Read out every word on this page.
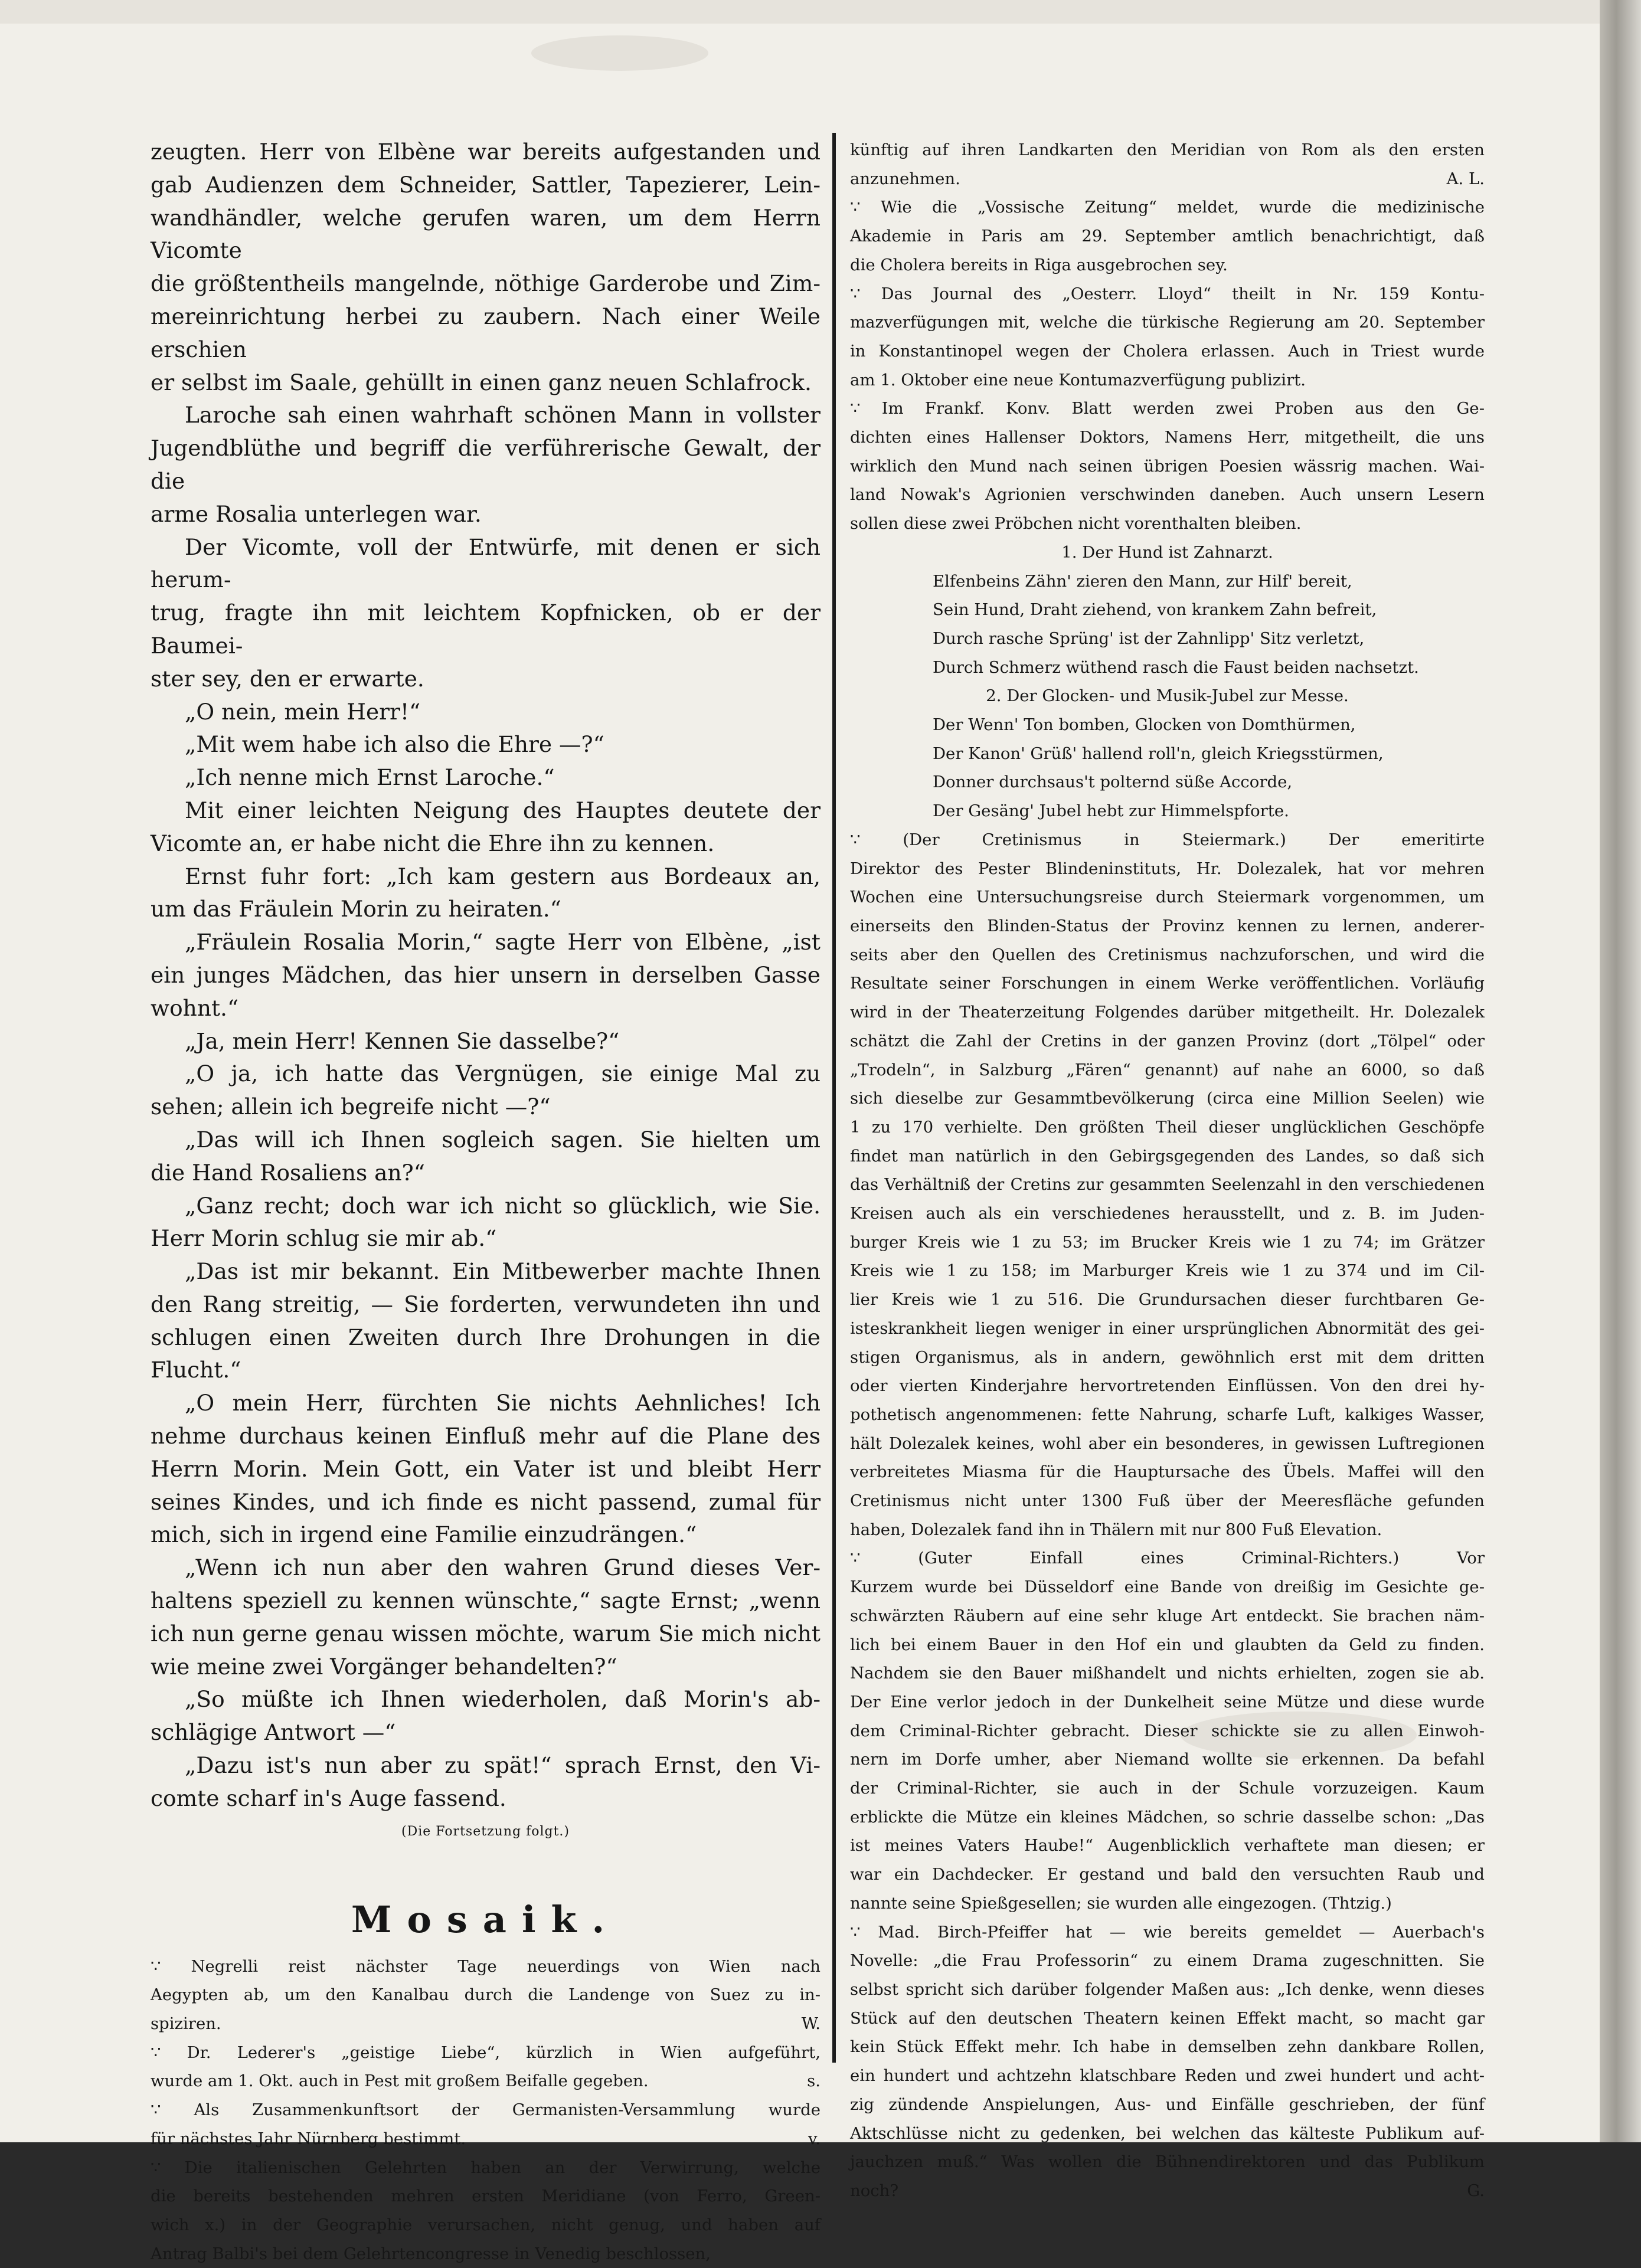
zeugten. Herr von Elbène war bereits aufgestanden und

gab Audienzen dem Schneider, Sattler, Tapezierer, Lein-

wandhändler, welche gerufen waren, um dem Herrn Vicomte

die größtentheils mangelnde, nöthige Garderobe und Zim-

mereinrichtung herbei zu zaubern. Nach einer Weile erschien

er selbst im Saale, gehüllt in einen ganz neuen Schlafrock.

Laroche sah einen wahrhaft schönen Mann in vollster

Jugendblüthe und begriff die verführerische Gewalt, der die

arme Rosalia unterlegen war.

Der Vicomte, voll der Entwürfe, mit denen er sich herum-

trug, fragte ihn mit leichtem Kopfnicken, ob er der Baumei-

ster sey, den er erwarte.

„O nein, mein Herr!“

„Mit wem habe ich also die Ehre —?“

„Ich nenne mich Ernst Laroche.“

Mit einer leichten Neigung des Hauptes deutete der

Vicomte an, er habe nicht die Ehre ihn zu kennen.

Ernst fuhr fort: „Ich kam gestern aus Bordeaux an,

um das Fräulein Morin zu heiraten.“

„Fräulein Rosalia Morin,“ sagte Herr von Elbène, „ist

ein junges Mädchen, das hier unsern in derselben Gasse wohnt.“

„Ja, mein Herr! Kennen Sie dasselbe?“

„O ja, ich hatte das Vergnügen, sie einige Mal zu

sehen; allein ich begreife nicht —?“

„Das will ich Ihnen sogleich sagen. Sie hielten um

die Hand Rosaliens an?“

„Ganz recht; doch war ich nicht so glücklich, wie Sie.

Herr Morin schlug sie mir ab.“

„Das ist mir bekannt. Ein Mitbewerber machte Ihnen

den Rang streitig, — Sie forderten, verwundeten ihn und

schlugen einen Zweiten durch Ihre Drohungen in die Flucht.“

„O mein Herr, fürchten Sie nichts Aehnliches! Ich

nehme durchaus keinen Einfluß mehr auf die Plane des

Herrn Morin. Mein Gott, ein Vater ist und bleibt Herr

seines Kindes, und ich finde es nicht passend, zumal für

mich, sich in irgend eine Familie einzudrängen.“

„Wenn ich nun aber den wahren Grund dieses Ver-

haltens speziell zu kennen wünschte,“ sagte Ernst; „wenn

ich nun gerne genau wissen möchte, warum Sie mich nicht

wie meine zwei Vorgänger behandelten?“

„So müßte ich Ihnen wiederholen, daß Morin's ab-

schlägige Antwort —“

„Dazu ist's nun aber zu spät!“ sprach Ernst, den Vi-

comte scharf in's Auge fassend.

(Die Fortsetzung folgt.)

Mosaik.

∵ Negrelli reist nächster Tage neuerdings von Wien nach

Aegypten ab, um den Kanalbau durch die Landenge von Suez zu in-

spiziren.	W.

∵ Dr. Lederer's „geistige Liebe“, kürzlich in Wien aufgeführt,

wurde am 1. Okt. auch in Pest mit großem Beifalle gegeben.	s.

∵ Als Zusammenkunftsort der Germanisten-Versammlung wurde

für nächstes Jahr Nürnberg bestimmt.	v.

∵ Die italienischen Gelehrten haben an der Verwirrung, welche

die bereits bestehenden mehren ersten Meridiane (von Ferro, Green-

wich x.) in der Geographie verursachen, nicht genug, und haben auf

Antrag Balbi's bei dem Gelehrtencongresse in Venedig beschlossen,

künftig auf ihren Landkarten den Meridian von Rom als den ersten

anzunehmen.	A. L.

∵ Wie die „Vossische Zeitung“ meldet, wurde die medizinische

Akademie in Paris am 29. September amtlich benachrichtigt, daß

die Cholera bereits in Riga ausgebrochen sey.

∵ Das Journal des „Oesterr. Lloyd“ theilt in Nr. 159 Kontu-

mazverfügungen mit, welche die türkische Regierung am 20. September

in Konstantinopel wegen der Cholera erlassen. Auch in Triest wurde

am 1. Oktober eine neue Kontumazverfügung publizirt.

∵ Im Frankf. Konv. Blatt werden zwei Proben aus den Ge-

dichten eines Hallenser Doktors, Namens Herr, mitgetheilt, die uns

wirklich den Mund nach seinen übrigen Poesien wässrig machen. Wai-

land Nowak's Agrionien verschwinden daneben. Auch unsern Lesern

sollen diese zwei Pröbchen nicht vorenthalten bleiben.

1. Der Hund ist Zahnarzt.

Elfenbeins Zähn' zieren den Mann, zur Hilf' bereit,

Sein Hund, Draht ziehend, von krankem Zahn befreit,

Durch rasche Sprüng' ist der Zahnlipp' Sitz verletzt,

Durch Schmerz wüthend rasch die Faust beiden nachsetzt.

2. Der Glocken- und Musik-Jubel zur Messe.

Der Wenn' Ton bomben, Glocken von Domthürmen,

Der Kanon' Grüß' hallend roll'n, gleich Kriegsstürmen,

Donner durchsaus't polternd süße Accorde,

Der Gesäng' Jubel hebt zur Himmelspforte.

∵ (Der Cretinismus in Steiermark.) Der emeritirte

Direktor des Pester Blindeninstituts, Hr. Dolezalek, hat vor mehren

Wochen eine Untersuchungsreise durch Steiermark vorgenommen, um

einerseits den Blinden-Status der Provinz kennen zu lernen, anderer-

seits aber den Quellen des Cretinismus nachzuforschen, und wird die

Resultate seiner Forschungen in einem Werke veröffentlichen. Vorläufig

wird in der Theaterzeitung Folgendes darüber mitgetheilt. Hr. Dolezalek

schätzt die Zahl der Cretins in der ganzen Provinz (dort „Tölpel“ oder

„Trodeln“, in Salzburg „Fären“ genannt) auf nahe an 6000, so daß

sich dieselbe zur Gesammtbevölkerung (circa eine Million Seelen) wie

1 zu 170 verhielte. Den größten Theil dieser unglücklichen Geschöpfe

findet man natürlich in den Gebirgsgegenden des Landes, so daß sich

das Verhältniß der Cretins zur gesammten Seelenzahl in den verschiedenen

Kreisen auch als ein verschiedenes herausstellt, und z. B. im Juden-

burger Kreis wie 1 zu 53; im Brucker Kreis wie 1 zu 74; im Grätzer

Kreis wie 1 zu 158; im Marburger Kreis wie 1 zu 374 und im Cil-

lier Kreis wie 1 zu 516. Die Grundursachen dieser furchtbaren Ge-

isteskrankheit liegen weniger in einer ursprünglichen Abnormität des gei-

stigen Organismus, als in andern, gewöhnlich erst mit dem dritten

oder vierten Kinderjahre hervortretenden Einflüssen. Von den drei hy-

pothetisch angenommenen: fette Nahrung, scharfe Luft, kalkiges Wasser,

hält Dolezalek keines, wohl aber ein besonderes, in gewissen Luftregionen

verbreitetes Miasma für die Hauptursache des Übels. Maffei will den

Cretinismus nicht unter 1300 Fuß über der Meeresfläche gefunden

haben, Dolezalek fand ihn in Thälern mit nur 800 Fuß Elevation.

∵ (Guter Einfall eines Criminal-Richters.) Vor

Kurzem wurde bei Düsseldorf eine Bande von dreißig im Gesichte ge-

schwärzten Räubern auf eine sehr kluge Art entdeckt. Sie brachen näm-

lich bei einem Bauer in den Hof ein und glaubten da Geld zu finden.

Nachdem sie den Bauer mißhandelt und nichts erhielten, zogen sie ab.

Der Eine verlor jedoch in der Dunkelheit seine Mütze und diese wurde

dem Criminal-Richter gebracht. Dieser schickte sie zu allen Einwoh-

nern im Dorfe umher, aber Niemand wollte sie erkennen. Da befahl

der Criminal-Richter, sie auch in der Schule vorzuzeigen. Kaum

erblickte die Mütze ein kleines Mädchen, so schrie dasselbe schon: „Das

ist meines Vaters Haube!“ Augenblicklich verhaftete man diesen; er

war ein Dachdecker. Er gestand und bald den versuchten Raub und

nannte seine Spießgesellen; sie wurden alle eingezogen. (Thtzig.)

∵ Mad. Birch-Pfeiffer hat — wie bereits gemeldet — Auerbach's

Novelle: „die Frau Professorin“ zu einem Drama zugeschnitten. Sie

selbst spricht sich darüber folgender Maßen aus: „Ich denke, wenn dieses

Stück auf den deutschen Theatern keinen Effekt macht, so macht gar

kein Stück Effekt mehr. Ich habe in demselben zehn dankbare Rollen,

ein hundert und achtzehn klatschbare Reden und zwei hundert und acht-

zig zündende Anspielungen, Aus- und Einfälle geschrieben, der fünf

Aktschlüsse nicht zu gedenken, bei welchen das kälteste Publikum auf-

jauchzen muß.“ Was wollen die Bühnendirektoren und das Publikum

noch?	G.
